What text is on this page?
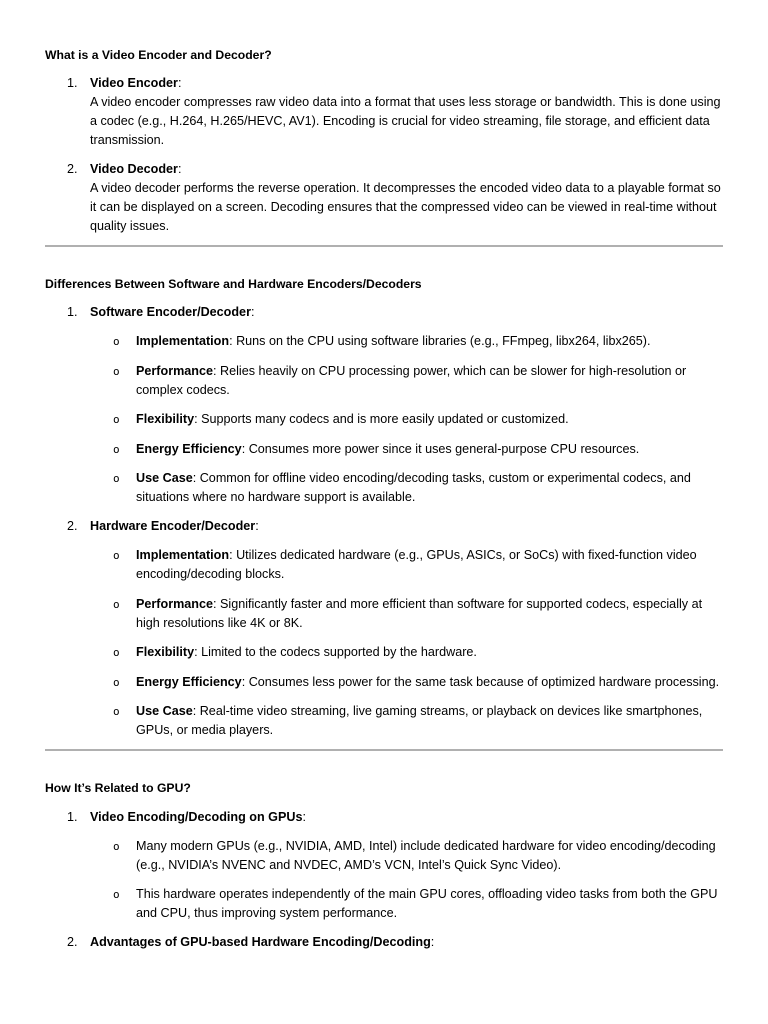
What is a Video Encoder and Decoder?
1. Video Encoder:
A video encoder compresses raw video data into a format that uses less storage or bandwidth. This is done using a codec (e.g., H.264, H.265/HEVC, AV1). Encoding is crucial for video streaming, file storage, and efficient data transmission.
2. Video Decoder:
A video decoder performs the reverse operation. It decompresses the encoded video data to a playable format so it can be displayed on a screen. Decoding ensures that the compressed video can be viewed in real-time without quality issues.
Differences Between Software and Hardware Encoders/Decoders
1. Software Encoder/Decoder:
o Implementation: Runs on the CPU using software libraries (e.g., FFmpeg, libx264, libx265).
o Performance: Relies heavily on CPU processing power, which can be slower for high-resolution or complex codecs.
o Flexibility: Supports many codecs and is more easily updated or customized.
o Energy Efficiency: Consumes more power since it uses general-purpose CPU resources.
o Use Case: Common for offline video encoding/decoding tasks, custom or experimental codecs, and situations where no hardware support is available.
2. Hardware Encoder/Decoder:
o Implementation: Utilizes dedicated hardware (e.g., GPUs, ASICs, or SoCs) with fixed-function video encoding/decoding blocks.
o Performance: Significantly faster and more efficient than software for supported codecs, especially at high resolutions like 4K or 8K.
o Flexibility: Limited to the codecs supported by the hardware.
o Energy Efficiency: Consumes less power for the same task because of optimized hardware processing.
o Use Case: Real-time video streaming, live gaming streams, or playback on devices like smartphones, GPUs, or media players.
How It’s Related to GPU?
1. Video Encoding/Decoding on GPUs:
o Many modern GPUs (e.g., NVIDIA, AMD, Intel) include dedicated hardware for video encoding/decoding (e.g., NVIDIA’s NVENC and NVDEC, AMD’s VCN, Intel’s Quick Sync Video).
o This hardware operates independently of the main GPU cores, offloading video tasks from both the GPU and CPU, thus improving system performance.
2. Advantages of GPU-based Hardware Encoding/Decoding:
